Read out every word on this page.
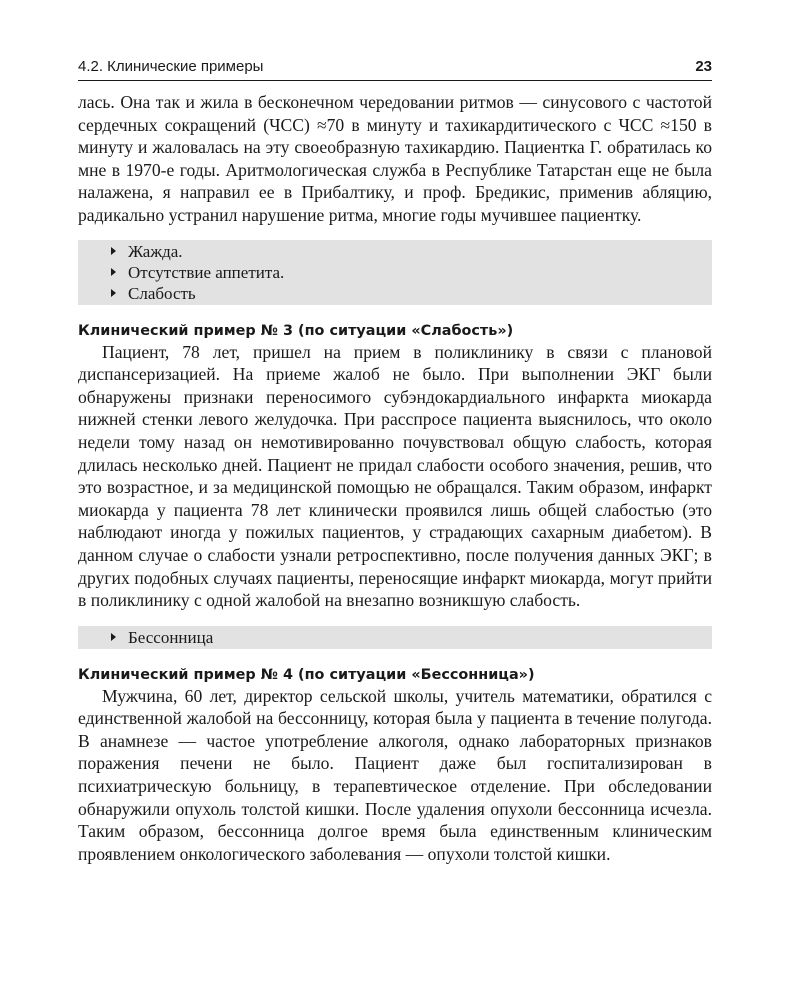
4.2. Клинические примеры	23

лась. Она так и жила в бесконечном чередовании ритмов — синусового с частотой сердечных сокращений (ЧСС) ≈70 в минуту и тахикардитического с ЧСС ≈150 в минуту и жаловалась на эту своеобразную тахикардию. Пациентка Г. обратилась ко мне в 1970-е годы. Аритмологическая служба в Республике Татарстан еще не была налажена, я направил ее в Прибалтику, и проф. Бредикис, применив абляцию, радикально устранил нарушение ритма, многие годы мучившее пациентку.

Жажда.
Отсутствие аппетита.
Слабость
Клинический пример № 3 (по ситуации «Слабость»)

Пациент, 78 лет, пришел на прием в поликлинику в связи с плановой диспансеризацией. На приеме жалоб не было. При выполнении ЭКГ были обнаружены признаки переносимого субэндокардиального инфаркта миокарда нижней стенки левого желудочка. При расспросе пациента выяснилось, что около недели тому назад он немотивированно почувствовал общую слабость, которая длилась несколько дней. Пациент не придал слабости особого значения, решив, что это возрастное, и за медицинской помощью не обращался. Таким образом, инфаркт миокарда у пациента 78 лет клинически проявился лишь общей слабостью (это наблюдают иногда у пожилых пациентов, у страдающих сахарным диабетом). В данном случае о слабости узнали ретроспективно, после получения данных ЭКГ; в других подобных случаях пациенты, переносящие инфаркт миокарда, могут прийти в поликлинику с одной жалобой на внезапно возникшую слабость.

Бессонница
Клинический пример № 4 (по ситуации «Бессонница»)

Мужчина, 60 лет, директор сельской школы, учитель математики, обратился с единственной жалобой на бессонницу, которая была у пациента в течение полугода. В анамнезе — частое употребление алкоголя, однако лабораторных признаков поражения печени не было. Пациент даже был госпитализирован в психиатрическую больницу, в терапевтическое отделение. При обследовании обнаружили опухоль толстой кишки. После удаления опухоли бессонница исчезла. Таким образом, бессонница долгое время была единственным клиническим проявлением онкологического заболевания — опухоли толстой кишки.
